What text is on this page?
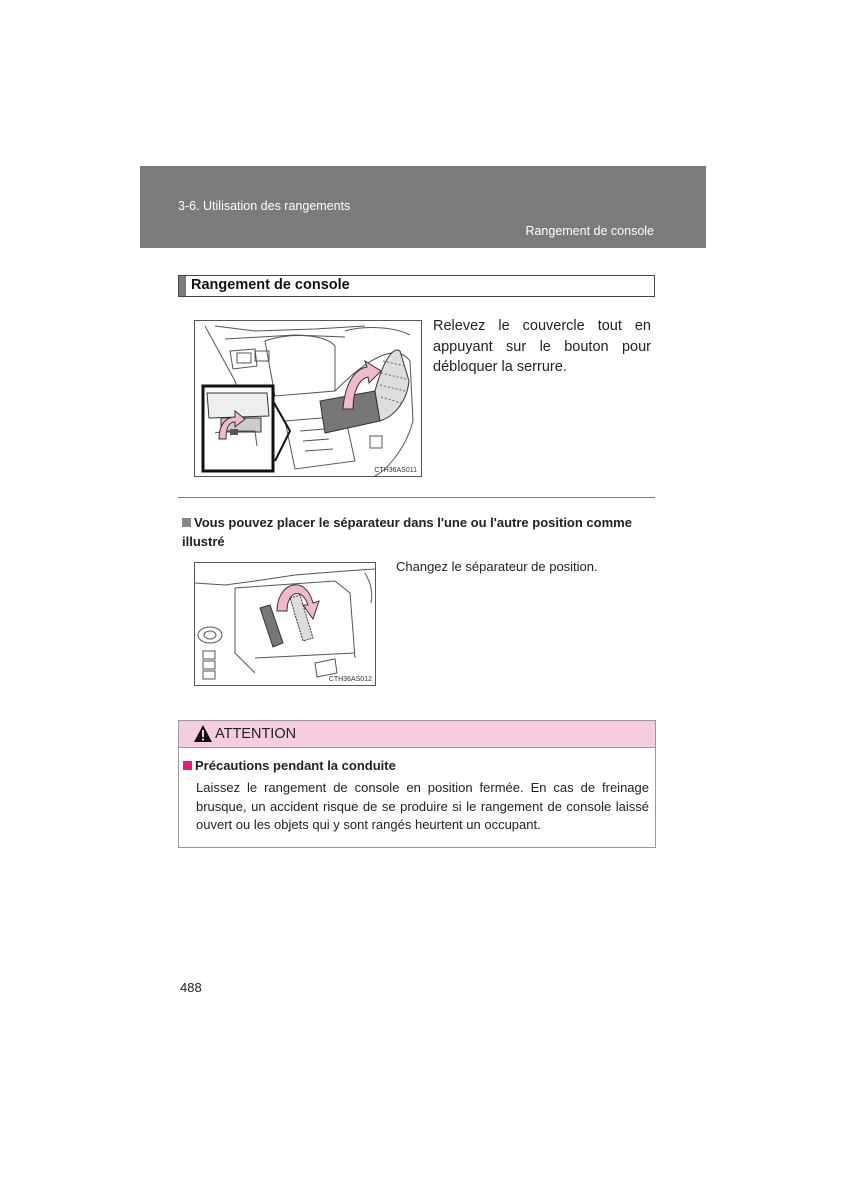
3-6. Utilisation des rangements
Rangement de console
Rangement de console
CTH36AS011
Relevez le couvercle tout en appuyant sur le bouton pour débloquer la serrure.
Vous pouvez placer le séparateur dans l'une ou l'autre position comme illustré
CTH36AS012
Changez le séparateur de position.
ATTENTION
Précautions pendant la conduite
Laissez le rangement de console en position fermée. En cas de freinage brusque, un accident risque de se produire si le rangement de console laissé ouvert ou les objets qui y sont rangés heurtent un occupant.
488
